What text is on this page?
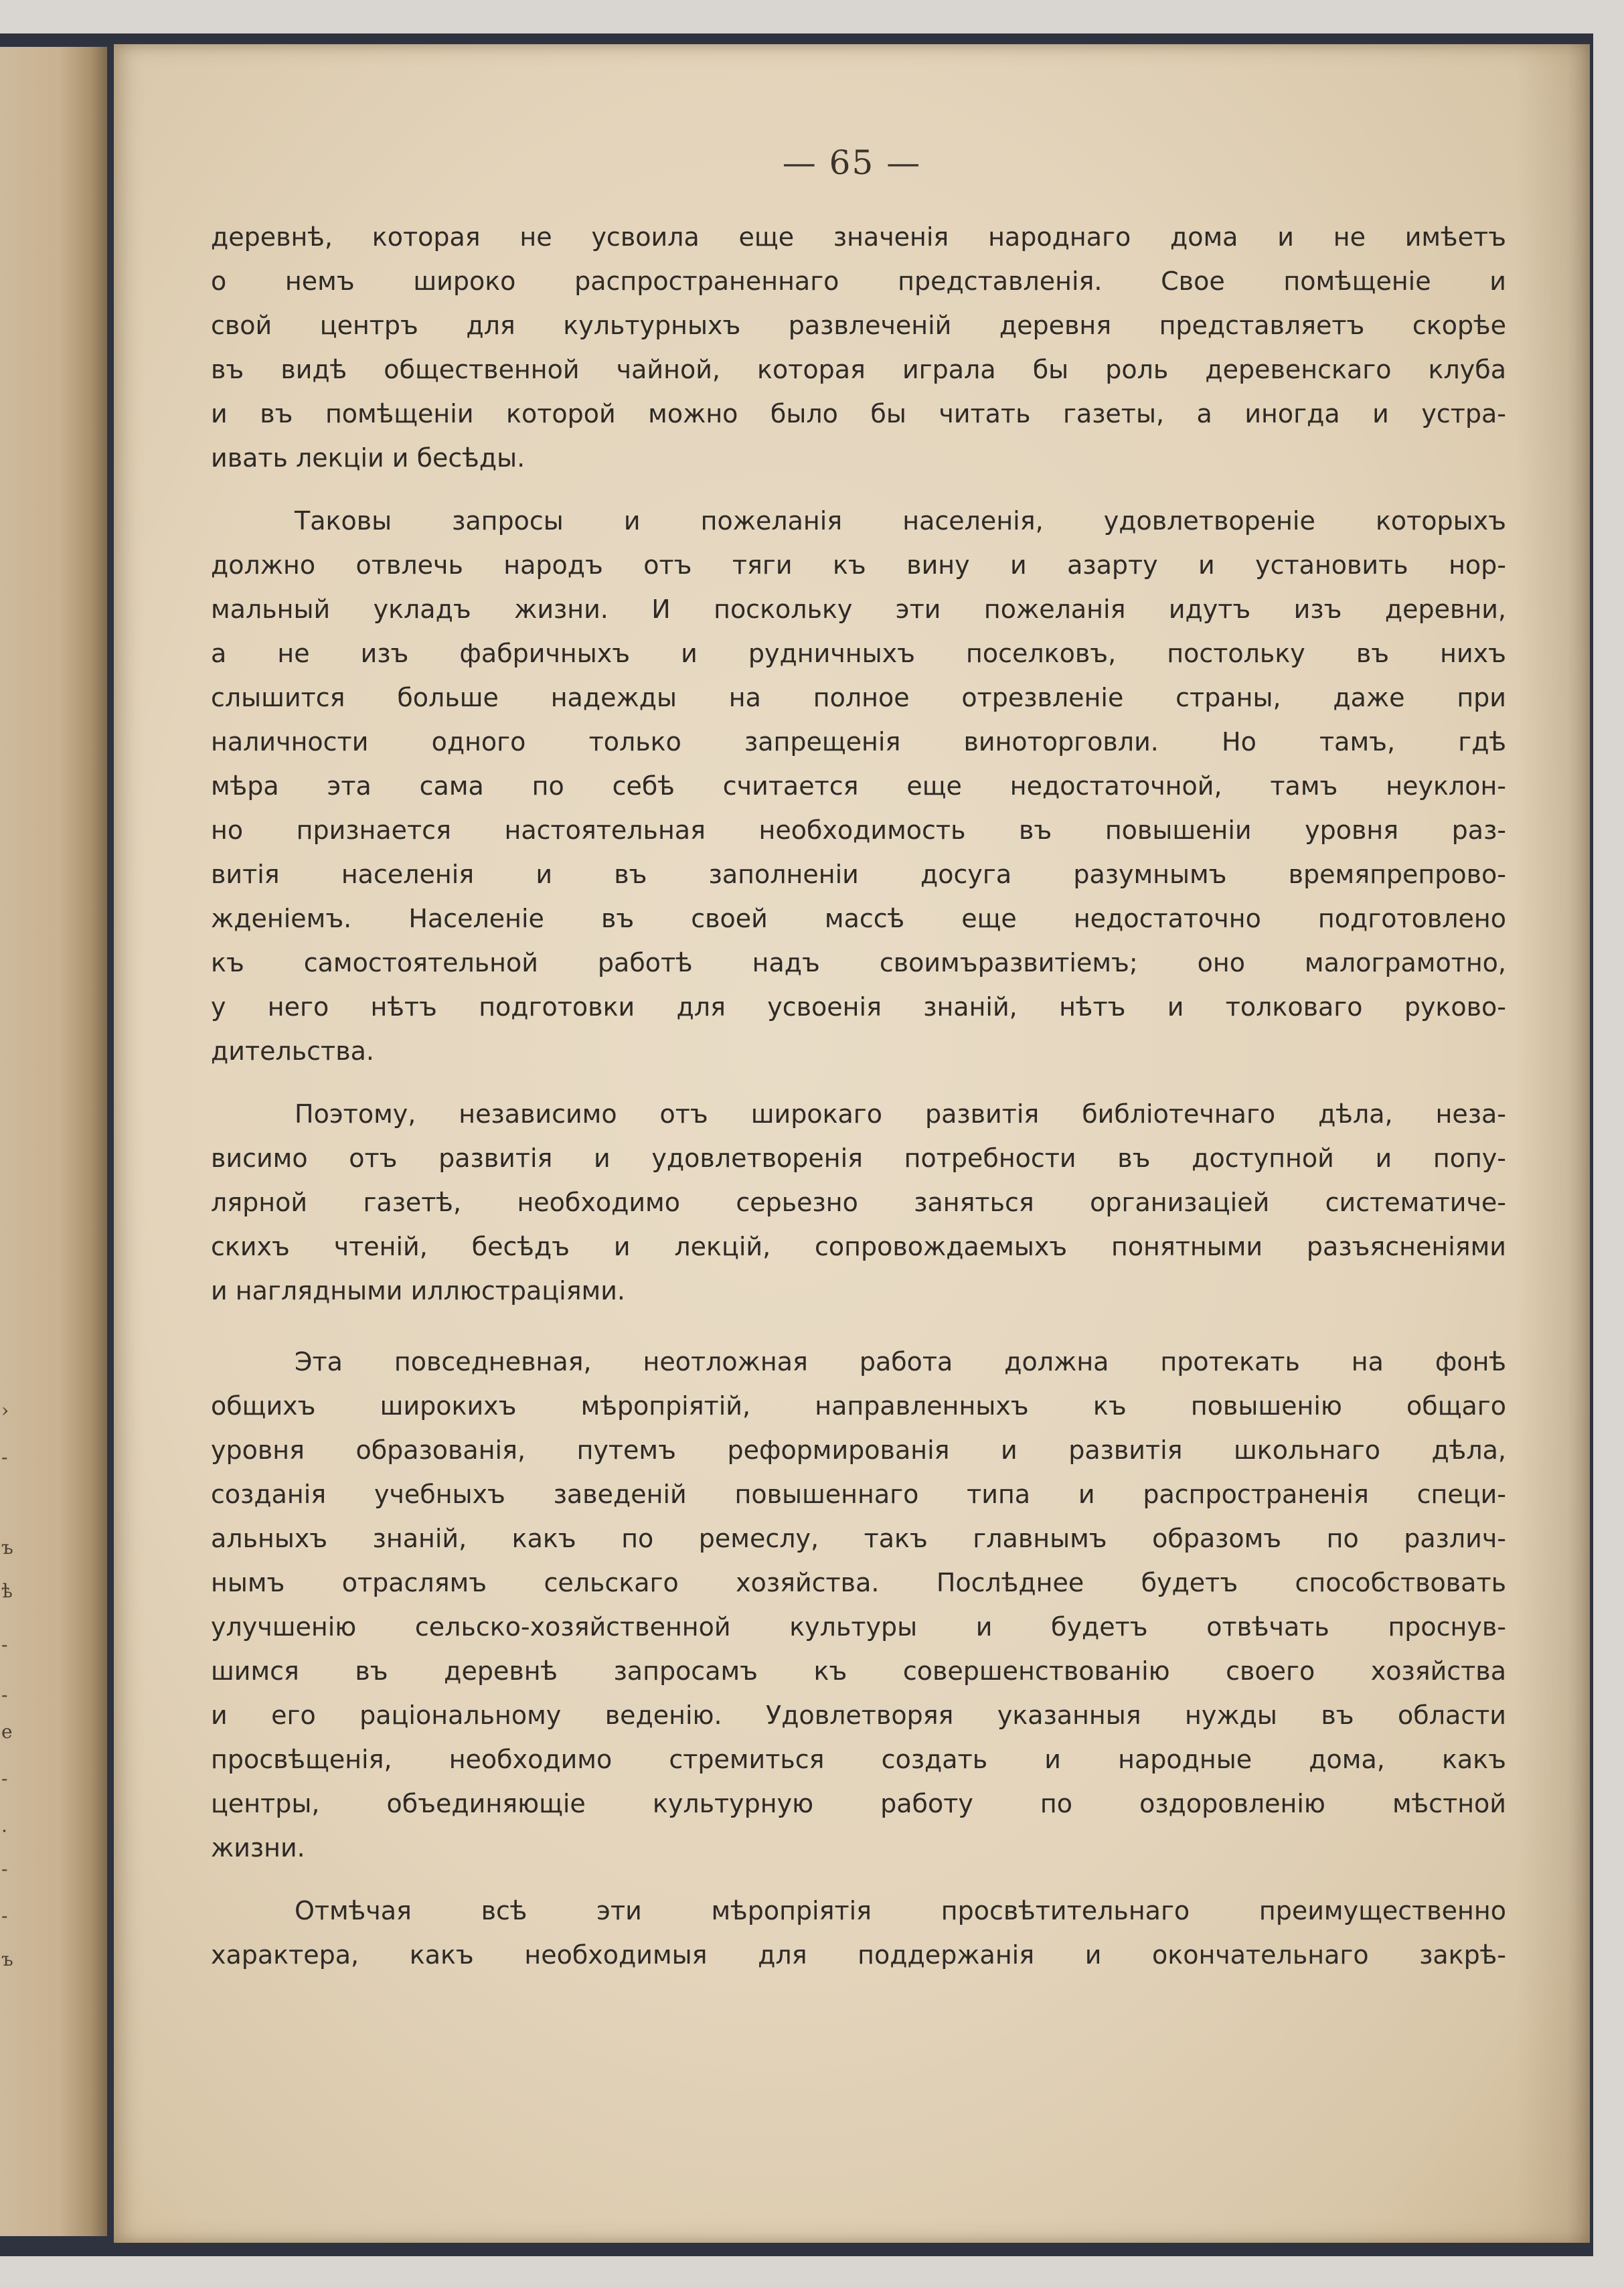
›
-
ъ
ѣ
-
-
е
-
.
-
-
ъ
— 65 —
деревнѣ, которая не усвоила еще значенія народнаго дома и не имѣетъ
о немъ широко распространеннаго представленія. Свое помѣщеніе и
свой центръ для культурныхъ развлеченій деревня представляетъ скорѣе
въ видѣ общественной чайной, которая играла бы роль деревенскаго клуба
и въ помѣщеніи которой можно было бы читать газеты, а иногда и устра-
ивать лекціи и бесѣды.
Таковы запросы и пожеланія населенія, удовлетвореніе которыхъ
должно отвлечь народъ отъ тяги къ вину и азарту и установить нор-
мальный укладъ жизни. И поскольку эти пожеланія идутъ изъ деревни,
а не изъ фабричныхъ и рудничныхъ поселковъ, постольку въ нихъ
слышится больше надежды на полное отрезвленіе страны, даже при
наличности одного только запрещенія виноторговли. Но тамъ, гдѣ
мѣра эта сама по себѣ считается еще недостаточной, тамъ неуклон-
но признается настоятельная необходимость въ повышеніи уровня раз-
витія населенія и въ заполненіи досуга разумнымъ времяпрепрово-
жденіемъ. Населеніе въ своей массѣ еще недостаточно подготовлено
къ самостоятельной работѣ надъ своимъразвитіемъ; оно малограмотно,
у него нѣтъ подготовки для усвоенія знаній, нѣтъ и толковаго руково-
дительства.
Поэтому, независимо отъ широкаго развитія библіотечнаго дѣла, неза-
висимо отъ развитія и удовлетворенія потребности въ доступной и попу-
лярной газетѣ, необходимо серьезно заняться организаціей систематиче-
скихъ чтеній, бесѣдъ и лекцій, сопровождаемыхъ понятными разъясненіями
и наглядными иллюстраціями.
Эта повседневная, неотложная работа должна протекать на фонѣ
общихъ широкихъ мѣропріятій, направленныхъ къ повышенію общаго
уровня образованія, путемъ реформированія и развитія школьнаго дѣла,
созданія учебныхъ заведеній повышеннаго типа и распространенія специ-
альныхъ знаній, какъ по ремеслу, такъ главнымъ образомъ по различ-
нымъ отраслямъ сельскаго хозяйства. Послѣднее будетъ способствовать
улучшенію сельско-хозяйственной культуры и будетъ отвѣчать проснув-
шимся въ деревнѣ запросамъ къ совершенствованію своего хозяйства
и его раціональному веденію. Удовлетворяя указанныя нужды въ области
просвѣщенія, необходимо стремиться создать и народные дома, какъ
центры, объединяющіе культурную работу по оздоровленію мѣстной
жизни.
Отмѣчая всѣ эти мѣропріятія просвѣтительнаго преимущественно
характера, какъ необходимыя для поддержанія и окончательнаго закрѣ-
